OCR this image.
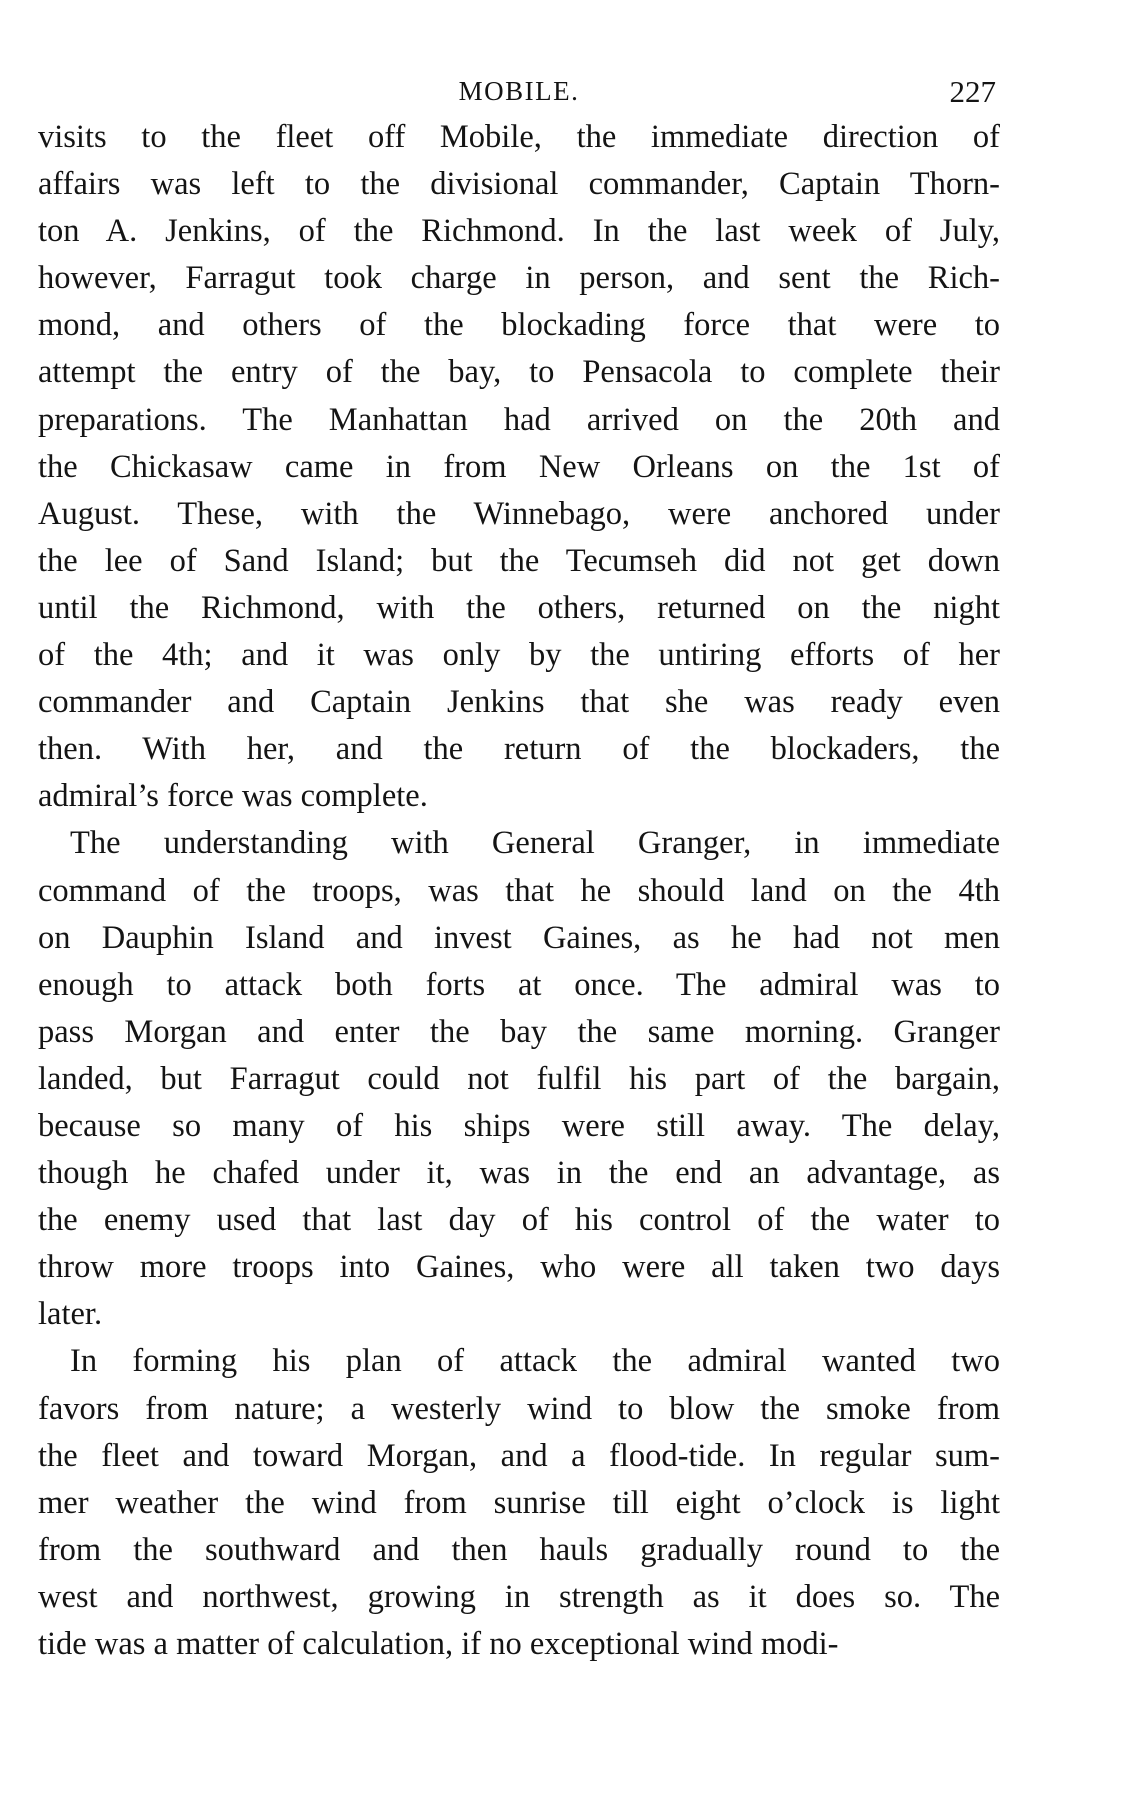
MOBILE.	227
visits to the fleet off Mobile, the immediate direction of
affairs was left to the divisional commander, Captain Thorn-
ton A. Jenkins, of the Richmond. In the last week of July,
however, Farragut took charge in person, and sent the Rich-
mond, and others of the blockading force that were to
attempt the entry of the bay, to Pensacola to complete their
preparations. The Manhattan had arrived on the 20th and
the Chickasaw came in from New Orleans on the 1st of
August. These, with the Winnebago, were anchored under
the lee of Sand Island; but the Tecumseh did not get down
until the Richmond, with the others, returned on the night
of the 4th; and it was only by the untiring efforts of her
commander and Captain Jenkins that she was ready even
then. With her, and the return of the blockaders, the
admiral’s force was complete.
The understanding with General Granger, in immediate
command of the troops, was that he should land on the 4th
on Dauphin Island and invest Gaines, as he had not men
enough to attack both forts at once. The admiral was to
pass Morgan and enter the bay the same morning. Granger
landed, but Farragut could not fulfil his part of the bargain,
because so many of his ships were still away. The delay,
though he chafed under it, was in the end an advantage, as
the enemy used that last day of his control of the water to
throw more troops into Gaines, who were all taken two days
later.
In forming his plan of attack the admiral wanted two
favors from nature; a westerly wind to blow the smoke from
the fleet and toward Morgan, and a flood-tide. In regular sum-
mer weather the wind from sunrise till eight o’clock is light
from the southward and then hauls gradually round to the
west and northwest, growing in strength as it does so. The
tide was a matter of calculation, if no exceptional wind modi-
